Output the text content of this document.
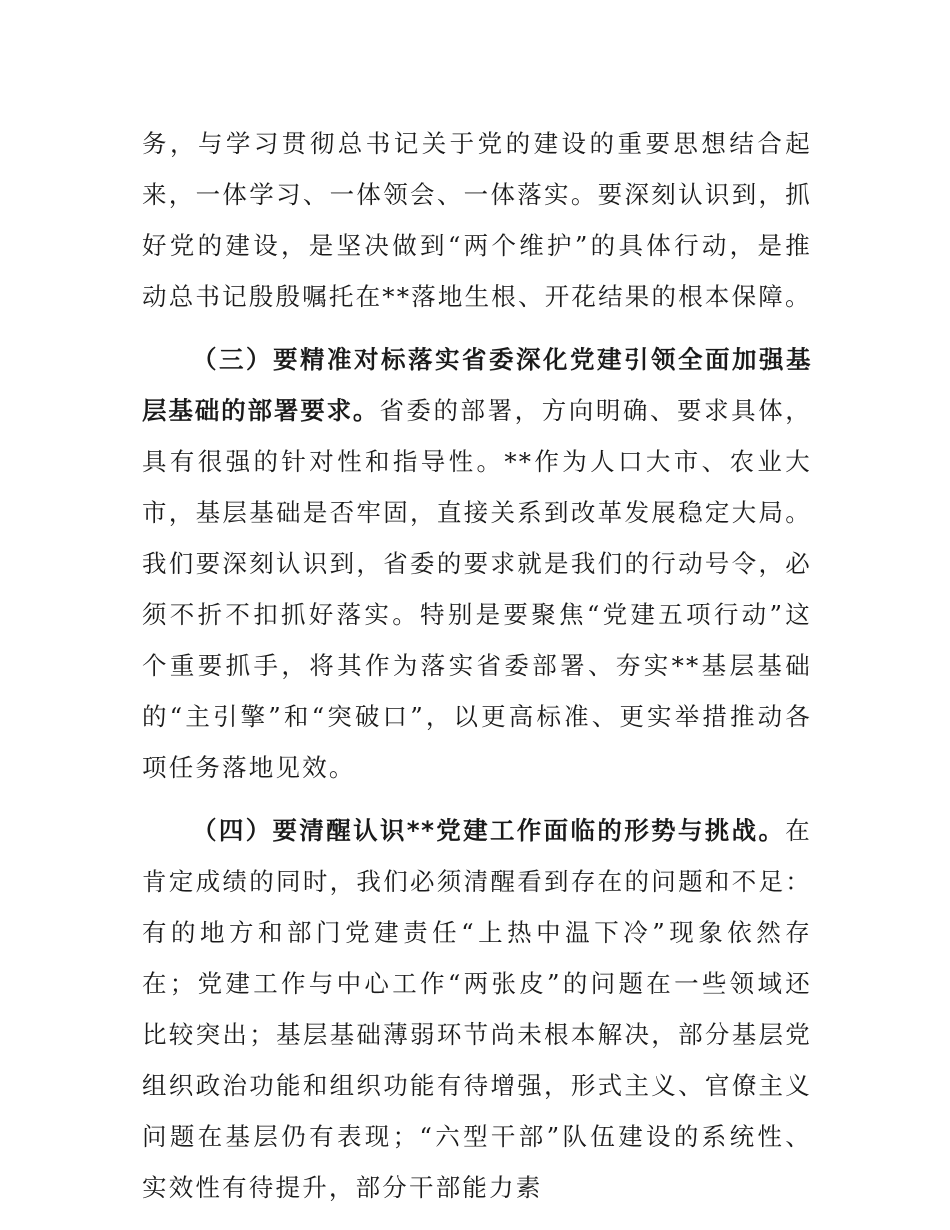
务，与学习贯彻总书记关于党的建设的重要思想结合起来，一体学习、一体领会、一体落实。要深刻认识到，抓好党的建设，是坚决做到“两个维护”的具体行动，是推动总书记殷殷嘱托在**落地生根、开花结果的根本保障。

（三）要精准对标落实省委深化党建引领全面加强基层基础的部署要求。省委的部署，方向明确、要求具体，具有很强的针对性和指导性。**作为人口大市、农业大市，基层基础是否牢固，直接关系到改革发展稳定大局。我们要深刻认识到，省委的要求就是我们的行动号令，必须不折不扣抓好落实。特别是要聚焦“党建五项行动”这个重要抓手，将其作为落实省委部署、夯实**基层基础的“主引擎”和“突破口”，以更高标准、更实举措推动各项任务落地见效。

（四）要清醒认识**党建工作面临的形势与挑战。在肯定成绩的同时，我们必须清醒看到存在的问题和不足：有的地方和部门党建责任“上热中温下冷”现象依然存在；党建工作与中心工作“两张皮”的问题在一些领域还比较突出；基层基础薄弱环节尚未根本解决，部分基层党组织政治功能和组织功能有待增强，形式主义、官僚主义问题在基层仍有表现；“六型干部”队伍建设的系统性、实效性有待提升，部分干部能力素
